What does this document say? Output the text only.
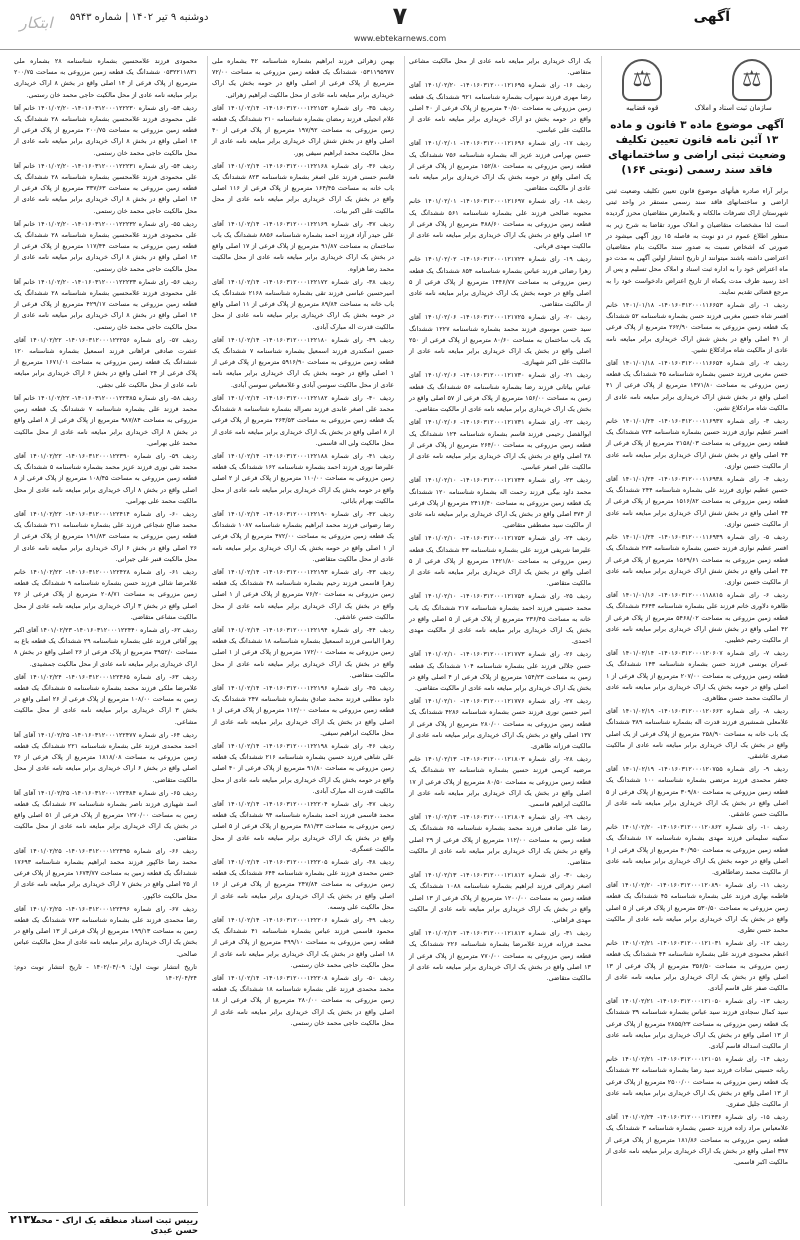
ابتکار	۷	آگهی
دوشنبه ۹ تیر ۱۴۰۲ | شماره ۵۹۴۳
www.ebtekarnews.com
⚖
سازمان ثبت اسناد و املاک
⚖
قوه قضاییه
آگهی موضوع ماده ۳ قانون و ماده ۱۳ آئین نامه قانون تعیین تکلیف وضعیت ثبتی اراضی و ساختمانهای فاقد سند رسمی (نوبتی ۱۶۴)

برابر آراء صادره هیأتهای موضوع قانون تعیین تکلیف وضعیت ثبتی اراضی و ساختمانهای فاقد سند رسمی مستقر در واحد ثبتی شهرستان اراک تصرفات مالکانه و بلامعارض متقاضیان محرز گردیده است لذا مشخصات متقاضیان و املاک مورد تقاضا به شرح زیر به منظور اطلاع عموم در دو نوبت به فاصله ۱۵ روز آگهی میشود در صورتی که اشخاص نسبت به صدور سند مالکیت بنام متقاضیان اعتراضی داشته باشند میتوانند از تاریخ انتشار اولین آگهی به مدت دو ماه اعتراض خود را به اداره ثبت اسناد و املاک محل تسلیم و پس از اخذ رسید ظرف مدت یکماه از تاریخ اعتراض دادخواست خود را به مرجع قضائی تقدیم نمایند.

ردیف ۱- رای شماره ۱۴۰۱۶۰۳۱۲۰۰۰۱۱۶۶۵۳- ۱۴۰۱/۰۱/۱۸ خانم افسر شاه حسین مغربی فرزند حسن بشماره شناسنامه ۵۲ ششدانگ یک قطعه زمین مزروعی به مساحت ۲۶۲/۹۰ مترمربع از پلاک فرعی از ۴۱ اصلی واقع در بخش شش اراک خریداری برابر مبایعه نامه عادی از مالکیت شاه مرادکلاغ نشین.

ردیف ۲- رای شماره ۱۴۰۱۶۰۳۱۲۰۰۰۱۱۶۶۵۴- ۱۴۰۱/۰۱/۱۸ آقای حسن مغربی فرزند حسین بشماره شناسنامه ۴۵ ششدانگ یک قطعه زمین مزروعی به مساحت ۱۴۷۱/۸۰ مترمربع از پلاک فرعی از ۴۱ اصلی واقع در بخش شش اراک خریداری برابر مبایعه نامه عادی از مالکیت شاه مرادکلاغ نشین.

ردیف ۳- رای شماره ۱۴۰۱۶۰۳۱۲۰۰۰۱۱۶۹۳۷- ۱۴۰۱/۰۱/۲۴ خانم افسر عظیم نوازی فرزند حسین بشماره شناسنامه ۷۲۴ ششدانگ یک قطعه زمین مزروعی به مساحت ۲۱۵۸/۰۳ مترمربع از پلاک فرعی از ۴۴ اصلی واقع در بخش شش اراک خریداری برابر مبایعه نامه عادی از مالکیت حسین نوازی.

ردیف ۴- رای شماره ۱۴۰۱۶۰۳۱۲۰۰۰۱۱۶۹۳۸- ۱۴۰۱/۰۱/۲۴ آقای حسین عظیم نوازی فرزند علی بشماره شناسنامه ۲۴۴ ششدانگ یک قطعه زمین مزروعی به مساحت ۱۵۱۶/۸۲ مترمربع از پلاک فرعی از ۴۴ اصلی واقع در بخش شش اراک خریداری برابر مبایعه نامه عادی از مالکیت حسین نوازی.

ردیف ۵- رای شماره ۱۴۰۱۶۰۳۱۲۰۰۰۱۱۶۹۳۹- ۱۴۰۱/۰۱/۲۴ خانم افسر عظیم نوازی فرزند حسین بشماره شناسنامه ۲۷۴ ششدانگ یک قطعه زمین مزروعی به مساحت ۱۵۶۹/۶۱ مترمربع از پلاک فرعی از ۴۴ اصلی واقع در بخش شش اراک خریداری برابر مبایعه نامه عادی از مالکیت حسین نوازی.

ردیف ۶- رای شماره ۱۴۰۱۶۰۳۱۲۰۰۰۱۱۸۸۱۵- ۱۴۰۱/۰۱/۱۶ آقای طاهره دلاوری خانم فرزند علی بشماره شناسنامه ۳۶۴۳ ششدانگ یک قطعه زمین مزروعی به مساحت ۵۴۶۸/۰۲ مترمربع از پلاک فرعی از ۴۲ اصلی واقع در بخش شش اراک خریداری برابر مبایعه نامه عادی از مالکیت رحیم خطیبی.

ردیف ۷- رای شماره ۱۴۰۱۶۰۳۱۲۰۰۰۱۲۰۶۰۷- ۱۴۰۱/۰۲/۱۴ آقای عمران یونسی فرزند حسن بشماره شناسنامه ۱۴۳ ششدانگ یک قطعه زمین مزروعی به مساحت ۲۰۷/۰۰ مترمربع از پلاک فرعی از ۱ اصلی واقع در حومه بخش یک اراک خریداری برابر مبایعه نامه عادی از مالکیت محمد حسن مظاهری.

ردیف ۸- رای شماره ۱۴۰۱۶۰۳۱۲۰۰۰۱۲۰۶۶۲- ۱۴۰۱/۰۲/۱۹ آقای غلامعلی شمشیری فرزند قدرت اله بشماره شناسنامه ۳۸۹ ششدانگ یک باب خانه به مساحت ۲۵۸/۹۰ مترمربع از پلاک فرعی از یک اصلی واقع در بخش یک اراک خریداری برابر مبایعه نامه عادی از مالکیت صغری عاشقی.

ردیف ۹- رای شماره ۱۴۰۱۶۰۳۱۲۰۰۰۱۲۰۷۵۵- ۱۴۰۱/۰۲/۱۹ آقای جعفر محمدی فرزند مرتضی بشماره شناسنامه ۱۰۰ ششدانگ یک قطعه زمین مزروعی به مساحت ۳۰۹/۸۰ مترمربع از پلاک فرعی از ۵ اصلی واقع در بخش یک اراک خریداری برابر مبایعه نامه عادی از مالکیت حسن عاشقی.

ردیف ۱۰- رای شماره ۱۴۰۱۶۰۳۱۲۰۰۰۱۲۰۸۶۲- ۱۴۰۱/۰۲/۲۰ خانم سکینه سلیمانی فرزند مهدی بشماره شناسنامه ۱۷ ششدانگ یک قطعه زمین مزروعی به مساحت ۴۰/۹۵۰ مترمربع از پلاک فرعی از ۱ اصلی واقع در حومه بخش یک اراک خریداری برابر مبایعه نامه عادی از مالکیت محمد رضاطاهری.

ردیف ۱۱- رای شماره ۱۴۰۱۶۰۳۱۲۰۰۰۱۲۰۸۹۰- ۱۴۰۱/۰۲/۲۰ آقای فاطمه بهاری فرزند علی بشماره شناسنامه ۴۵ ششدانگ یک قطعه زمین مزروعی به مساحت ۵۳۰/۵۰ مترمربع از پلاک فرعی از ۵ اصلی واقع در بخش یک اراک خریداری برابر مبایعه نامه عادی از مالکیت محمد حسن نظری.

ردیف ۱۲- رای شماره ۱۴۰۱۶۰۳۱۲۰۰۰۱۲۱۰۳۱- ۱۴۰۱/۰۲/۲۱ خانم اعظم محمودی فرزند علی بشماره شناسنامه ۴۴ ششدانگ یک قطعه زمین مزروعی به مساحت ۳۵۶/۵۰ مترمربع از پلاک فرعی از ۱۳ اصلی واقع در بخش یک اراک خریداری برابر مبایعه نامه عادی از مالکیت صفر علی قاسم آبادی.

ردیف ۱۳- رای شماره ۱۴۰۱۶۰۳۱۲۰۰۰۱۲۱۰۵۰- ۱۴۰۱/۰۲/۲۱ آقای سید کمال سجادی فرزند سید عباس بشماره شناسنامه ۳۹ ششدانگ یک قطعه زمین مزروعی به مساحت ۲۸۵۵/۲۳ مترمربع از پلاک فرعی از ۱۳ اصلی واقع در بخش یک اراک خریداری برابر مبایعه نامه عادی از مالکیت اسداله قاسم آبادی.

ردیف ۱۴- رای شماره ۱۴۰۱۶۰۳۱۲۰۰۰۱۲۱۰۵۱- ۱۴۰۱/۰۲/۲۱ خانم ربابه حسینی سادات فرزند سید رضا بشماره شناسنامه ۴۲ ششدانگ یک قطعه زمین مزروعی به مساحت ۲۵۰۰/۰۰ مترمربع از پلاک فرعی از ۱۳ اصلی واقع در بخش یک اراک خریداری برابر مبایعه نامه عادی از مالکیت جلیل صفری.

ردیف ۱۵- رای شماره ۱۴۰۱۶۰۳۱۲۰۰۰۱۲۱۴۳۶- ۱۴۰۱/۰۲/۲۴ آقای غلامعباس مراد زاده فرزند حسین بشماره شناسنامه ۳ ششدانگ یک قطعه زمین مزروعی به مساحت ۱۸۱/۸۶ مترمربع از پلاک فرعی از ۳۹۷ اصلی واقع در بخش یک اراک خریداری برابر مبایعه نامه عادی از مالکیت اکبر قاسمی.

یک اراک خریداری برابر مبایعه نامه عادی از محل مالکیت مشاعی متقاضی.

ردیف ۱۶- رای شماره ۱۴۰۱۶۰۳۱۲۰۰۰۱۲۱۶۹۵- ۱۴۰۱/۰۲/۲۰ آقای رضا مهری فرزند سهراب بشماره شناسنامه ۹۲۱ ششدانگ یک قطعه زمین مزروعی به مساحت ۴۰/۵۰ مترمربع از پلاک فرعی از ۴۰ اصلی واقع در حومه بخش دو اراک خریداری برابر مبایعه نامه عادی از مالکیت علی عباسی.

ردیف ۱۷- رای شماره ۱۴۰۱۶۰۳۱۲۰۰۰۱۲۱۶۹۶- ۱۴۰۱/۰۲/۰۱ آقای حسین بهرامی فرزند عزیز اله بشماره شناسنامه ۷۵۶ ششدانگ یک قطعه زمین مزروعی به مساحت ۱۵۲/۸۰ مترمربع از پلاک فرعی از یک اصلی واقع در حومه بخش یک اراک خریداری برابر مبایعه نامه عادی از مالکیت متقاضی.

ردیف ۱۸- رای شماره ۱۴۰۱۶۰۳۱۲۰۰۰۱۲۱۶۹۷- ۱۴۰۱/۰۲/۰۱ خانم محبوبه صالحی فرزند علی بشماره شناسنامه ۵۶۱ ششدانگ یک قطعه زمین مزروعی به مساحت ۳۸۸/۶۰ مترمربع از پلاک فرعی از ۱۳ اصلی واقع در بخش یک اراک خریداری برابر مبایعه نامه عادی از مالکیت مهدی قربانی.

ردیف ۱۹- رای شماره ۱۴۰۱۶۰۳۱۲۰۰۰۱۲۱۷۲۴- ۱۴۰۱/۰۲/۰۲ خانم زهرا رضائی فرزند عباس بشماره شناسنامه ۸۵۴ ششدانگ یک قطعه زمین مزروعی به مساحت ۱۴۴۶/۷۷ مترمربع از پلاک فرعی از ۵ اصلی واقع در حومه بخش یک اراک خریداری برابر مبایعه نامه عادی از مالکیت متقاضی.

ردیف ۲۰- رای شماره ۱۴۰۱۶۰۳۱۲۰۰۰۱۲۱۷۲۵- ۱۴۰۱/۰۲/۰۶ آقای سید حسن موسوی فرزند محمد بشماره شناسنامه ۱۲۲۷ ششدانگ یک باب ساختمان به مساحت ۸۰/۶۰ مترمربع از پلاک فرعی از ۲۵۰ اصلی واقع در بخش یک اراک خریداری برابر مبایعه نامه عادی از مالکیت علی اکبر شهبازی.

ردیف ۲۱- رای شماره ۱۴۰۱۶۰۳۱۲۰۰۰۱۲۱۷۳۰- ۱۴۰۱/۰۲/۰۶ آقای عباس بیاتانی فرزند رضا بشماره شناسنامه ۵۶ ششدانگ یک قطعه زمین به مساحت ۱۵۶/۰۰ مترمربع از پلاک فرعی از ۵۷ اصلی واقع در بخش یک اراک خریداری برابر مبایعه نامه عادی از مالکیت متقاضی.

ردیف ۲۲- رای شماره ۱۴۰۱۶۰۳۱۲۰۰۰۱۲۱۷۳۱- ۱۴۰۱/۰۲/۰۶ آقای ابوالفضل رحیمی فرزند قاسم بشماره شناسنامه ۱۲۴ ششدانگ یک قطعه زمین مزروعی به مساحت ۲۶۴/۰۰ مترمربع از پلاک فرعی از ۲۸ اصلی واقع در بخش یک اراک خریداری برابر مبایعه نامه عادی از مالکیت علی اصغر عباسی.

ردیف ۲۳- رای شماره ۱۴۰۱۶۰۳۱۲۰۰۰۱۲۱۷۴۴- ۱۴۰۱/۰۲/۱۰ آقای محمد داود بیگی فرزند رحمت اله بشماره شناسنامه ۱۲۰ ششدانگ یک قطعه زمین مزروعی به مساحت ۲۴۱۶/۴۰ مترمربع از پلاک فرعی از ۳۷۴ اصلی واقع در بخش یک اراک خریداری برابر مبایعه نامه عادی از مالکیت سید مصطفی متقاضی.

ردیف ۲۴- رای شماره ۱۴۰۱۶۰۳۱۲۰۰۰۱۲۱۷۵۳- ۱۴۰۱/۰۲/۱۰ آقای علیرضا شریفی فرزند علی بشماره شناسنامه ۴۳ ششدانگ یک قطعه زمین مزروعی به مساحت ۱۴۲۱/۸۰ مترمربع از پلاک فرعی از ۵ اصلی واقع در بخش یک اراک خریداری برابر مبایعه نامه عادی از مالکیت متقاضی.

ردیف ۲۵- رای شماره ۱۴۰۱۶۰۳۱۲۰۰۰۱۲۱۷۵۴- ۱۴۰۱/۰۲/۱۰ آقای محمد حسینی فرزند احمد بشماره شناسنامه ۲۱۷ ششدانگ یک باب خانه به مساحت ۲۳۶/۴۵ مترمربع از پلاک فرعی از ۵ اصلی واقع در بخش یک اراک خریداری برابر مبایعه نامه عادی از مالکیت مهدی احمدی.

ردیف ۲۶- رای شماره ۱۴۰۱۶۰۳۱۲۰۰۰۱۲۱۷۷۳- ۱۴۰۱/۰۲/۱۰ آقای حسن جلالی فرزند علی بشماره شناسنامه ۱۰۴ ششدانگ یک قطعه زمین به مساحت ۱۵۴/۲۳ مترمربع از پلاک فرعی از ۴ اصلی واقع در بخش یک اراک خریداری برابر مبایعه نامه عادی از مالکیت متقاضی.

ردیف ۲۷- رای شماره ۱۴۰۱۶۰۳۱۲۰۰۰۱۲۱۷۷۶- ۱۴۰۱/۰۲/۱۰ آقای امیر حسین نوری فرزند حسن بشماره شناسنامه ۴۲۸۶ ششدانگ یک قطعه زمین مزروعی به مساحت ۲۸۰/۰۰ مترمربع از پلاک فرعی از ۱۳۷ اصلی واقع در بخش یک اراک خریداری برابر مبایعه نامه عادی از مالکیت فرزانه طاهری.

ردیف ۲۸- رای شماره ۱۴۰۱۶۰۳۱۲۰۰۰۱۲۱۸۰۳- ۱۴۰۱/۰۲/۱۳ خانم مرضیه کریمی فرزند حسین بشماره شناسنامه ۷۲ ششدانگ یک قطعه زمین مزروعی به مساحت ۸۰/۵۰ مترمربع از پلاک فرعی از ۱۷ اصلی واقع در بخش یک اراک خریداری برابر مبایعه نامه عادی از مالکیت ابراهیم قاسمی.

ردیف ۲۹- رای شماره ۱۴۰۱۶۰۳۱۲۰۰۰۱۲۱۸۰۴- ۱۴۰۱/۰۲/۱۳ آقای رضا علی صادقی فرزند محمد بشماره شناسنامه ۶۵ ششدانگ یک قطعه زمین به مساحت ۱۱۲/۰۰ مترمربع از پلاک فرعی از ۲۹ اصلی واقع در بخش یک اراک خریداری برابر مبایعه نامه عادی از مالکیت متقاضی.

ردیف ۳۰- رای شماره ۱۴۰۱۶۰۳۱۲۰۰۰۱۲۱۸۱۲- ۱۴۰۱/۰۲/۱۳ آقای اصغر زهرائی فرزند ابراهیم بشماره شناسنامه ۱۰۸۸ ششدانگ یک قطعه زمین به مساحت ۱۲۰۰/۰۰ مترمربع از پلاک فرعی از ۱۳ اصلی واقع در بخش یک اراک خریداری برابر مبایعه نامه عادی از مالکیت مهدی فراهانی.

ردیف ۳۱- رای شماره ۱۴۰۱۶۰۳۱۲۰۰۰۱۲۱۸۱۳- ۱۴۰۱/۰۲/۱۳ آقای محمد فرزانه فرزند غلامرضا بشماره شناسنامه ۲۲۶ ششدانگ یک قطعه زمین مزروعی به مساحت ۷۷۰/۰۰ مترمربع از پلاک فرعی از ۱۳ اصلی واقع در بخش یک اراک خریداری برابر مبایعه نامه عادی از مالکیت متقاضی.

بهمن زهرائی فرزند ابراهیم بشماره شناسنامه ۴۲ بشماره ملی ۰۵۳۱۱۹۵۹۷۷ ششدانگ یک قطعه زمین مزروعی به مساحت ۷۲/۰۰ مترمربع از پلاک فرعی از اصلی واقع در حومه بخش یک اراک خریداری برابر مبایعه نامه عادی از محل مالکیت ابراهیم زهرائی.

ردیف ۳۵- رای شماره ۱۴۰۱۶۰۳۱۲۰۰۰۱۲۲۱۵۳- ۱۴۰۱/۰۲/۱۴ آقای غلام انجیلی فرزند رمضان بشماره شناسنامه ۲۱۰ ششدانگ یک قطعه زمین مزروعی به مساحت ۱۹۷/۹۲ مترمربع از پلاک فرعی از ۴۰ اصلی واقع در بخش شش اراک خریداری برابر مبایعه نامه عادی از محل مالکیت محمد ابراهیم سیفی پور.

ردیف ۳۶- رای شماره ۱۴۰۱۶۰۳۱۲۰۰۰۱۲۲۱۶۸- ۱۴۰۱/۰۲/۱۴ آقای قاسم حسنی فرزند علی اصغر بشماره شناسنامه ۸۲۳ ششدانگ یک باب خانه به مساحت ۱۶۴/۴۵ مترمربع از پلاک فرعی از ۱۱۶ اصلی واقع در بخش یک اراک خریداری برابر مبایعه نامه عادی از محل مالکیت علی اکبر بیات.

ردیف ۳۷- رای شماره ۱۴۰۱۶۰۳۱۲۰۰۰۱۲۲۱۶۹- ۱۴۰۱/۰۲/۱۴ آقای علی حیدر آزاد فرزند احمد بشماره شناسنامه ۸۸۵۶ ششدانگ یک باب ساختمان به مساحت ۹۱/۸۷ مترمربع از پلاک فرعی از ۱۷ اصلی واقع در بخش یک اراک خریداری برابر مبایعه نامه عادی از محل مالکیت محمد رضا هزاوه.

ردیف ۳۸- رای شماره ۱۴۰۱۶۰۳۱۲۰۰۰۱۲۲۱۷۲- ۱۴۰۱/۰۲/۱۴ آقای امیرحسین عباسی فرزند تقی بشماره شناسنامه ۲۱۶۸ ششدانگ یک باب خانه به مساحت ۸۹/۸۴ مترمربع از پلاک فرعی از ۱۱ اصلی واقع در حومه بخش یک اراک خریداری برابر مبایعه نامه عادی از محل مالکیت قدرت اله مبارک آبادی.

ردیف ۳۹- رای شماره ۱۴۰۱۶۰۳۱۲۰۰۰۱۲۲۱۸۰- ۱۴۰۱/۰۲/۱۴ آقای حسین اسکندری فرزند اسمعیل بشماره شناسنامه ۷ ششدانگ یک قطعه زمین مزروعی به مساحت ۵۹۱۶/۹۰ مترمربع از پلاک فرعی از ۱ اصلی واقع در حومه بخش یک اراک خریداری برابر مبایعه نامه عادی از محل مالکیت سوسن آبادی و غلامعباس سوسن آبادی.

ردیف ۴۰- رای شماره ۱۴۰۱۶۰۳۱۲۰۰۰۱۲۲۱۸۲- ۱۴۰۱/۰۲/۱۴ آقای محمد علی اصغر عابدی فرزند نصراله بشماره شناسنامه ۸ ششدانگ یک قطعه زمین مزروعی به مساحت ۲۶۳/۵۳ مترمربع از پلاک فرعی از ۸ اصلی واقع در بخش یک اراک خریداری برابر مبایعه نامه عادی از محل مالکیت ولی اله قاسمی.

ردیف ۴۱- رای شماره ۱۴۰۱۶۰۳۱۲۰۰۰۱۲۲۱۸۸- ۱۴۰۱/۰۲/۱۴ آقای علیرضا نوری فرزند احمد بشماره شناسنامه ۱۶۲ ششدانگ یک قطعه زمین مزروعی به مساحت ۱۱۰/۰۰ مترمربع از پلاک فرعی از ۲ اصلی واقع در حومه بخش یک اراک خریداری برابر مبایعه نامه عادی از محل مالکیت بهرام بابائی.

ردیف ۴۲- رای شماره ۱۴۰۱۶۰۳۱۲۰۰۰۱۲۲۱۹۰- ۱۴۰۱/۰۲/۱۴ آقای رضا رضوانی فرزند محمد ابراهیم بشماره شناسنامه ۱۰۸۷ ششدانگ یک قطعه زمین مزروعی به مساحت ۴۷۲/۰۰ مترمربع از پلاک فرعی از ۱ اصلی واقع در حومه بخش یک اراک خریداری برابر مبایعه نامه عادی از محل مالکیت متقاضی.

ردیف ۴۳- رای شماره ۱۴۰۱۶۰۳۱۲۰۰۰۱۲۲۱۹۳- ۱۴۰۱/۰۲/۱۴ آقای زهرا قاسمی فرزند رحیم بشماره شناسنامه ۴۸ ششدانگ یک قطعه زمین مزروعی به مساحت ۷۶/۲۰ مترمربع از پلاک فرعی از ۱ اصلی واقع در بخش یک اراک خریداری برابر مبایعه نامه عادی از محل مالکیت حسن عاشقی.

ردیف ۴۴- رای شماره ۱۴۰۱۶۰۳۱۲۰۰۰۱۲۲۱۹۴- ۱۴۰۱/۰۲/۱۴ آقای زهرا الیاسی فرزند اسمعیل بشماره شناسنامه ۱۸ ششدانگ یک قطعه زمین مزروعی به مساحت ۱۷۲/۰۰ مترمربع از پلاک فرعی از ۱ اصلی واقع در بخش یک اراک خریداری برابر مبایعه نامه عادی از محل مالکیت متقاضی.

ردیف ۴۵- رای شماره ۱۴۰۱۶۰۳۱۲۰۰۰۱۲۲۱۹۶- ۱۴۰۱/۰۲/۱۴ آقای داود مطلبی فرزند محمد صادق بشماره شناسنامه ۲۴۷ ششدانگ یک قطعه زمین مزروعی به مساحت ۱۱۲/۰۰ مترمربع از پلاک فرعی از ۱ اصلی واقع در بخش یک اراک خریداری برابر مبایعه نامه عادی از محل مالکیت ابراهیم سیفی.

ردیف ۴۶- رای شماره ۱۴۰۱۶۰۳۱۲۰۰۰۱۲۲۱۹۸- ۱۴۰۱/۰۲/۱۴ آقای علی شاهی فرزند حسین بشماره شناسنامه ۲۱۶ ششدانگ یک قطعه زمین مزروعی به مساحت ۹۱/۸۰ مترمربع از پلاک فرعی از ۴۰ اصلی واقع در حومه بخش یک اراک خریداری برابر مبایعه نامه عادی از محل مالکیت قدرت اله مبارک آبادی.

ردیف ۴۷- رای شماره ۱۴۰۱۶۰۳۱۲۰۰۰۱۲۲۲۰۴- ۱۴۰۱/۰۲/۱۴ آقای محمد قاسمی فرزند احمد بشماره شناسنامه ۹۴ ششدانگ یک قطعه زمین مزروعی به مساحت ۳۸۱/۳۳ مترمربع از پلاک فرعی از ۵ اصلی واقع در بخش یک اراک خریداری برابر مبایعه نامه عادی از محل مالکیت عسگری.

ردیف ۴۸- رای شماره ۱۴۰۱۶۰۳۱۲۰۰۰۱۲۲۲۰۵- ۱۴۰۱/۰۲/۱۴ آقای حسن محمدی فرزند علی بشماره شناسنامه ۶۴۴ ششدانگ یک قطعه زمین مزروعی به مساحت ۲۴۷/۸۴ مترمربع از پلاک فرعی از ۱۶ اصلی واقع در بخش یک اراک خریداری برابر مبایعه نامه عادی از محل مالکیت علی وسمه.

ردیف ۴۹- رای شماره ۱۴۰۱۶۰۳۱۲۰۰۰۱۲۲۲۰۶- ۱۴۰۱/۰۲/۱۴ آقای محمود قاسمی فرزند عباس بشماره شناسنامه ۴۱ ششدانگ یک قطعه زمین مزروعی به مساحت ۴۹۹/۱۰ مترمربع از پلاک فرعی از ۱۸ اصلی واقع در بخش یک اراک خریداری برابر مبایعه نامه عادی از محل مالکیت حاجی محمد خان رستمی.

ردیف ۵۰- رای شماره ۱۴۰۱۶۰۳۱۲۰۰۰۱۲۲۲۰۸- ۱۴۰۱/۰۲/۱۴ آقای محمد محمدی فرزند علی بشماره شناسنامه ۱۸ ششدانگ یک قطعه زمین مزروعی به مساحت ۲۸۰/۰۰ مترمربع از پلاک فرعی از ۱۸ اصلی واقع در بخش یک اراک خریداری برابر مبایعه نامه عادی از محل مالکیت حاجی محمد خان رستمی.

محمودی فرزند غلامحسین بشماره شناسنامه ۲۸ بشماره ملی ۰۵۳۲۲۱۱۸۳۱ ششدانگ یک قطعه زمین مزروعی به مساحت ۲۰۰/۷۵ مترمربع از پلاک فرعی از ۱۴ اصلی واقع در بخش ۸ اراک خریداری برابر مبایعه نامه عادی از محل مالکیت حاجی محمد خان رستمی.

ردیف ۵۳- رای شماره ۱۴۰۱۶۰۳۱۲۰۰۰۱۲۲۲۳۰- ۱۴۰۱/۰۲/۲۰ خانم آقا علی محمودی فرزند غلامحسین بشماره شناسنامه ۲۸ ششدانگ یک قطعه زمین مزروعی به مساحت ۲۰۰/۷۵ مترمربع از پلاک فرعی از ۱۴ اصلی واقع در بخش ۸ اراک خریداری برابر مبایعه نامه عادی از محل مالکیت حاجی محمد خان رستمی.

ردیف ۵۴- رای شماره ۱۴۰۱۶۰۳۱۲۰۰۰۱۲۲۲۳۱- ۱۴۰۱/۰۲/۲۰ خانم آقا علی محمودی فرزند غلامحسین بشماره شناسنامه ۲۸ ششدانگ یک قطعه زمین مزروعی به مساحت ۳۳۷/۶۳ مترمربع از پلاک فرعی از ۱۴ اصلی واقع در بخش ۸ اراک خریداری برابر مبایعه نامه عادی از محل مالکیت حاجی محمد خان رستمی.

ردیف ۵۵- رای شماره ۱۴۰۱۶۰۳۱۲۰۰۰۱۲۲۲۳۲- ۱۴۰۱/۰۲/۲۰ خانم آقا علی محمودی فرزند غلامحسین بشماره شناسنامه ۲۸ ششدانگ یک قطعه زمین مزروعی به مساحت ۱۱۷/۴۴ مترمربع از پلاک فرعی از ۱۴ اصلی واقع در بخش ۸ اراک خریداری برابر مبایعه نامه عادی از محل مالکیت حاجی محمد خان رستمی.

ردیف ۵۶- رای شماره ۱۴۰۱۶۰۳۱۲۰۰۰۱۲۲۲۳۳- ۱۴۰۱/۰۲/۲۰ خانم آقا علی محمودی فرزند غلامحسین بشماره شناسنامه ۲۸ ششدانگ یک قطعه زمین مزروعی به مساحت ۴۲۹/۱۷ مترمربع از پلاک فرعی از ۱۴ اصلی واقع در بخش ۸ اراک خریداری برابر مبایعه نامه عادی از محل مالکیت حاجی محمد خان رستمی.

ردیف ۵۷- رای شماره ۱۴۰۱۶۰۳۱۲۰۰۰۱۲۲۲۵۶- ۱۴۰۱/۰۲/۲۲ آقای عشرت صادقی فراهانی فرزند اسمعیل بشماره شناسنامه ۱۲۰ ششدانگ یک قطعه زمین مزروعی به مساحت ۱۶۷۱/۰۱ مترمربع از پلاک فرعی از ۲۴ اصلی واقع در بخش ۶ اراک خریداری برابر مبایعه نامه عادی از محل مالکیت علی نجفی.

ردیف ۵۸- رای شماره ۱۴۰۱۶۰۳۱۲۰۰۰۱۲۲۳۸۵- ۱۴۰۱/۰۲/۲۲ خانم آقا محمد فرزند علی بشماره شناسنامه ۷ ششدانگ یک قطعه زمین مزروعی به مساحت ۹۸۷/۸۴ مترمربع از پلاک فرعی از ۸ اصلی واقع در بخش ۸ اراک خریداری برابر مبایعه نامه عادی از محل مالکیت محمد علی بهرامی.

ردیف ۵۹- رای شماره ۱۴۰۱۶۰۳۱۲۰۰۰۱۲۲۳۹۰- ۱۴۰۱/۰۲/۲۲ آقای محمد تقی نوری فرزند عزیز محمد بشماره شناسنامه ۵ ششدانگ یک قطعه زمین مزروعی به مساحت ۱۰۸/۴۵ مترمربع از پلاک فرعی از ۸ اصلی واقع در بخش ۸ اراک خریداری برابر مبایعه نامه عادی از محل مالکیت محمد علی بهرامی.

ردیف ۶۰- رای شماره ۱۴۰۱۶۰۳۱۲۰۰۰۱۲۲۴۱۴- ۱۴۰۱/۰۲/۲۲ آقای محمد صالح شجاعی فرزند علی بشماره شناسنامه ۲۱۱ ششدانگ یک قطعه زمین مزروعی به مساحت ۱۹۱/۸۳ مترمربع از پلاک فرعی از ۲۶ اصلی واقع در بخش ۶ اراک خریداری برابر مبایعه نامه عادی از محل مالکیت قنبر علی جیرانی.

ردیف ۶۱- رای شماره ۱۴۰۱۶۰۳۱۲۰۰۰۱۲۲۴۲۸- ۱۴۰۱/۰۲/۲۲ خانم غلامرضا شالی فرزند حسن بشماره شناسنامه ۹ ششدانگ یک قطعه زمین مزروعی به مساحت ۲۰۸/۷۱ مترمربع از پلاک فرعی از ۲۶ اصلی واقع در بخش ۳ اراک خریداری برابر مبایعه نامه عادی از محل مالکیت مشاعی متقاضی.

ردیف ۶۲- رای شماره ۱۴۰۱۶۰۳۱۲۰۰۰۱۲۲۴۴۰- ۱۴۰۱/۰۲/۲۳ آقای اکبر پور آقائی فرزند علی بشماره شناسنامه ۲۹ ششدانگ یک قطعه باغ به مساحت ۳۹۵۲/۰ مترمربع از پلاک فرعی از ۲۶ اصلی واقع در بخش ۸ اراک خریداری برابر مبایعه نامه عادی از محل مالکیت جمشیدی.

ردیف ۶۳- رای شماره ۱۴۰۱۶۰۳۱۲۰۰۰۱۲۲۴۶۵- ۱۴۰۱/۰۲/۲۴ آقای غلامرضا ملکی فرزند محمد بشماره شناسنامه ۵ ششدانگ یک قطعه زمین به مساحت ۱۰۸/۰۰ مترمربع از پلاک فرعی از ۲۶ اصلی واقع در بخش ۳ اراک خریداری برابر مبایعه نامه عادی از محل مالکیت مشاعی.

ردیف ۶۴- رای شماره ۱۴۰۱۶۰۳۱۲۰۰۰۱۲۲۴۷۷- ۱۴۰۱/۰۲/۲۵ آقای آقا احمد محمدی فرزند علی بشماره شناسنامه ۲۲۱ ششدانگ یک قطعه زمین مزروعی به مساحت ۱۸۱۸/۰۸ مترمربع از پلاک فرعی از ۲۶ اصلی واقع در بخش ۶ اراک خریداری برابر مبایعه نامه عادی از محل مالکیت متقاضی.

ردیف ۶۵- رای شماره ۱۴۰۱۶۰۳۱۲۰۰۰۱۲۲۴۸۴- ۱۴۰۱/۰۲/۲۵ آقای آقا اسد شهبازی فرزند ناصر بشماره شناسنامه ۶۷ ششدانگ یک قطعه زمین به مساحت ۱۲۷۰/۰۰ مترمربع از پلاک فرعی از ۵۱ اصلی واقع در بخش یک اراک خریداری برابر مبایعه نامه عادی از محل مالکیت متقاضی.

ردیف ۶۶- رای شماره ۱۴۰۱۶۰۳۱۲۰۰۰۱۲۲۴۹۵- ۱۴۰۱/۰۲/۲۵ آقای محمد رضا خاکپور فرزند محمد ابراهیم بشماره شناسنامه ۱۷۶۹۳ ششدانگ یک قطعه زمین به مساحت ۱۶۷۳/۷۷ مترمربع از پلاک فرعی از ۲۵ اصلی واقع در بخش ۷ اراک خریداری برابر مبایعه نامه عادی از محل مالکیت خاکپور.

ردیف ۶۷- رای شماره ۱۴۰۱۶۰۳۱۲۰۰۰۱۲۲۴۹۶- ۱۴۰۱/۰۲/۲۵ آقای رضا محمدی فرزند علی بشماره شناسنامه ۷۶۳ ششدانگ یک قطعه زمین به مساحت ۱۹۹/۱۳ مترمربع از پلاک فرعی از ۱۳ اصلی واقع در بخش یک اراک خریداری برابر مبایعه نامه عادی از محل مالکیت عباس صالحی.

تاریخ انتشار نوبت اول: ۱۴۰۲/۰۴/۰۹ - تاریخ انتشار نوبت دوم: ۱۴۰۲/۰۴/۲۴

رییس ثبت اسناد منطقه یک اراک - محمد حسن عبدی
۲۱۳۷
